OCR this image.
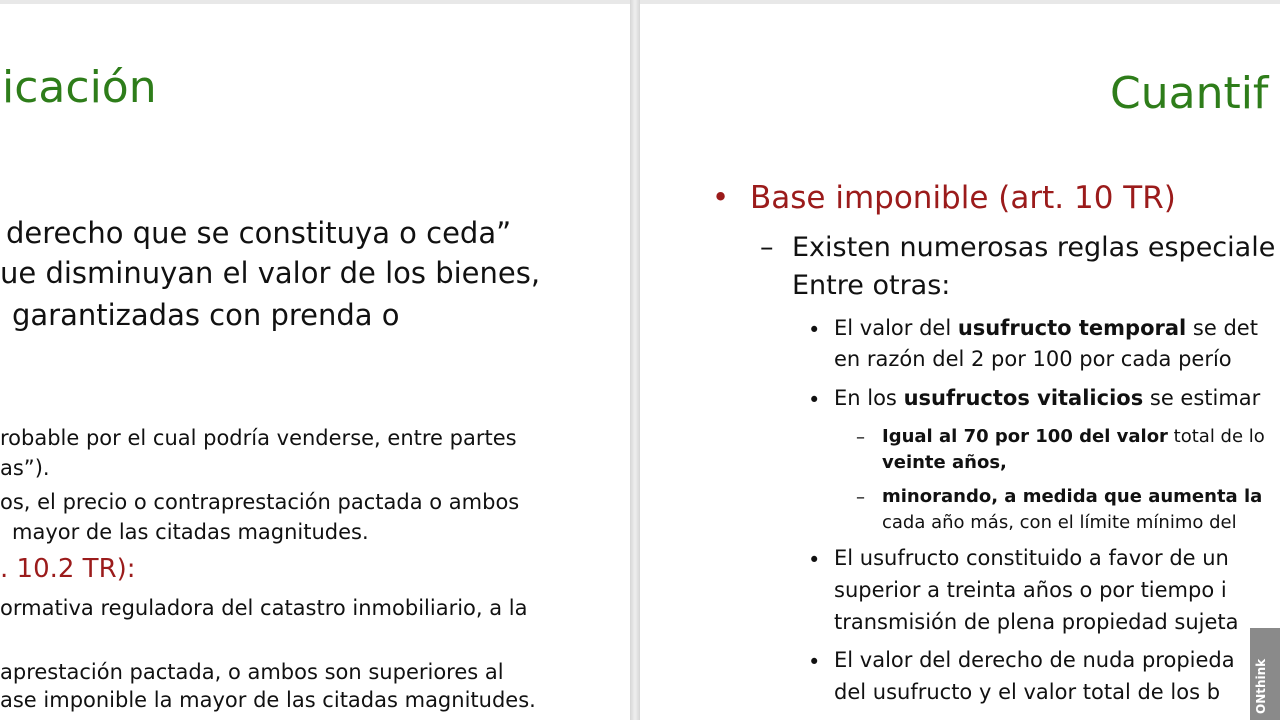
icación
derecho que se constituya o ceda”
ue disminuyan el valor de los bienes,
garantizadas con prenda o
robable por el cual podría venderse, entre partes
as”).
os, el precio o contraprestación pactada o ambos
mayor de las citadas magnitudes.
. 10.2 TR):
ormativa reguladora del catastro inmobiliario, a la
aprestación pactada, o ambos son superiores al
ase imponible la mayor de las citadas magnitudes.
Cuantif
• Base imponible (art. 10 TR)
– Existen numerosas reglas especiale
Entre otras:
• El valor del usufructo temporal se det
en razón del 2 por 100 por cada perío
• En los usufructos vitalicios se estimar
– Igual al 70 por 100 del valor total de lo
veinte años,
– minorando, a medida que aumenta la
cada año más, con el límite mínimo del
• El usufructo constituido a favor de un
superior a treinta años o por tiempo i
transmisión de plena propiedad sujeta
• El valor del derecho de nuda propieda
del usufructo y el valor total de los b	ONthink
